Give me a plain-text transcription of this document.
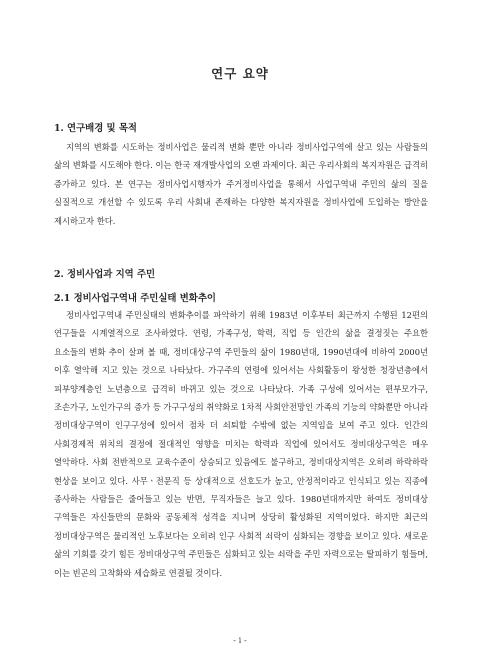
연구 요약
1. 연구배경 및 목적

지역의 변화를 시도하는 정비사업은 물리적 변화 뿐만 아니라 정비사업구역에 살고 있는 사람들의 삶의 변화를 시도해야 한다. 이는 한국 재개발사업의 오랜 과제이다. 최근 우리사회의 복지자원은 급격히 증가하고 있다. 본 연구는 정비사업시행자가 주거정비사업을 통해서 사업구역내 주민의 삶의 질을 실질적으로 개선할 수 있도록 우리 사회내 존재하는 다양한 복지자원을 정비사업에 도입하는 방안을 제시하고자 한다.

2. 정비사업과 지역 주민
2.1 정비사업구역내 주민실태 변화추이

정비사업구역내 주민실태의 변화추이를 파악하기 위해 1983년 이후부터 최근까지 수행된 12편의 연구들을 시계열적으로 조사하였다. 연령, 가족구성, 학력, 직업 등 인간의 삶을 결정짓는 주요한 요소들의 변화 추이 살펴 볼 때, 정비대상구역 주민들의 삶이 1980년대, 1990년대에 비하여 2000년 이후 열악해 지고 있는 것으로 나타났다. 가구주의 연령에 있어서는 사회활동이 왕성한 청장년층에서 피부양계층인 노년층으로 급격히 바뀌고 있는 것으로 나타났다. 가족 구성에 있어서는 편부모가구, 조손가구, 노인가구의 증가 등 가구구성의 취약화로 1차적 사회안전망인 가족의 기능의 약화뿐만 아니라 정비대상구역이 인구구성에 있어서 점차 더 쇠퇴할 수밖에 없는 지역임을 보여 주고 있다. 인간의 사회경제적 위치의 결정에 절대적인 영향을 미치는 학력과 직업에 있어서도 정비대상구역은 매우 열악하다. 사회 전반적으로 교육수준이 상승되고 있음에도 불구하고, 정비대상지역은 오히려 하락하락 현상을 보이고 있다. 사무ㆍ전문직 등 상대적으로 선호도가 높고, 안정적이라고 인식되고 있는 직종에 종사하는 사람들은 줄어들고 있는 반면, 무직자들은 늘고 있다. 1980년대까지만 하여도 정비대상 구역들은 자신들만의 문화와 공동체적 성격을 지니며 상당히 활성화된 지역이었다. 하지만 최근의 정비대상구역은 물리적인 노후보다는 오히려 인구 사회적 쇠락이 심화되는 경향을 보이고 있다. 새로운 삶의 기회를 갖기 힘든 정비대상구역 주민들은 심화되고 있는 쇠락을 주민 자력으로는 탈피하기 힘들며, 이는 빈곤의 고착화와 세습화로 연결될 것이다.

- i -
